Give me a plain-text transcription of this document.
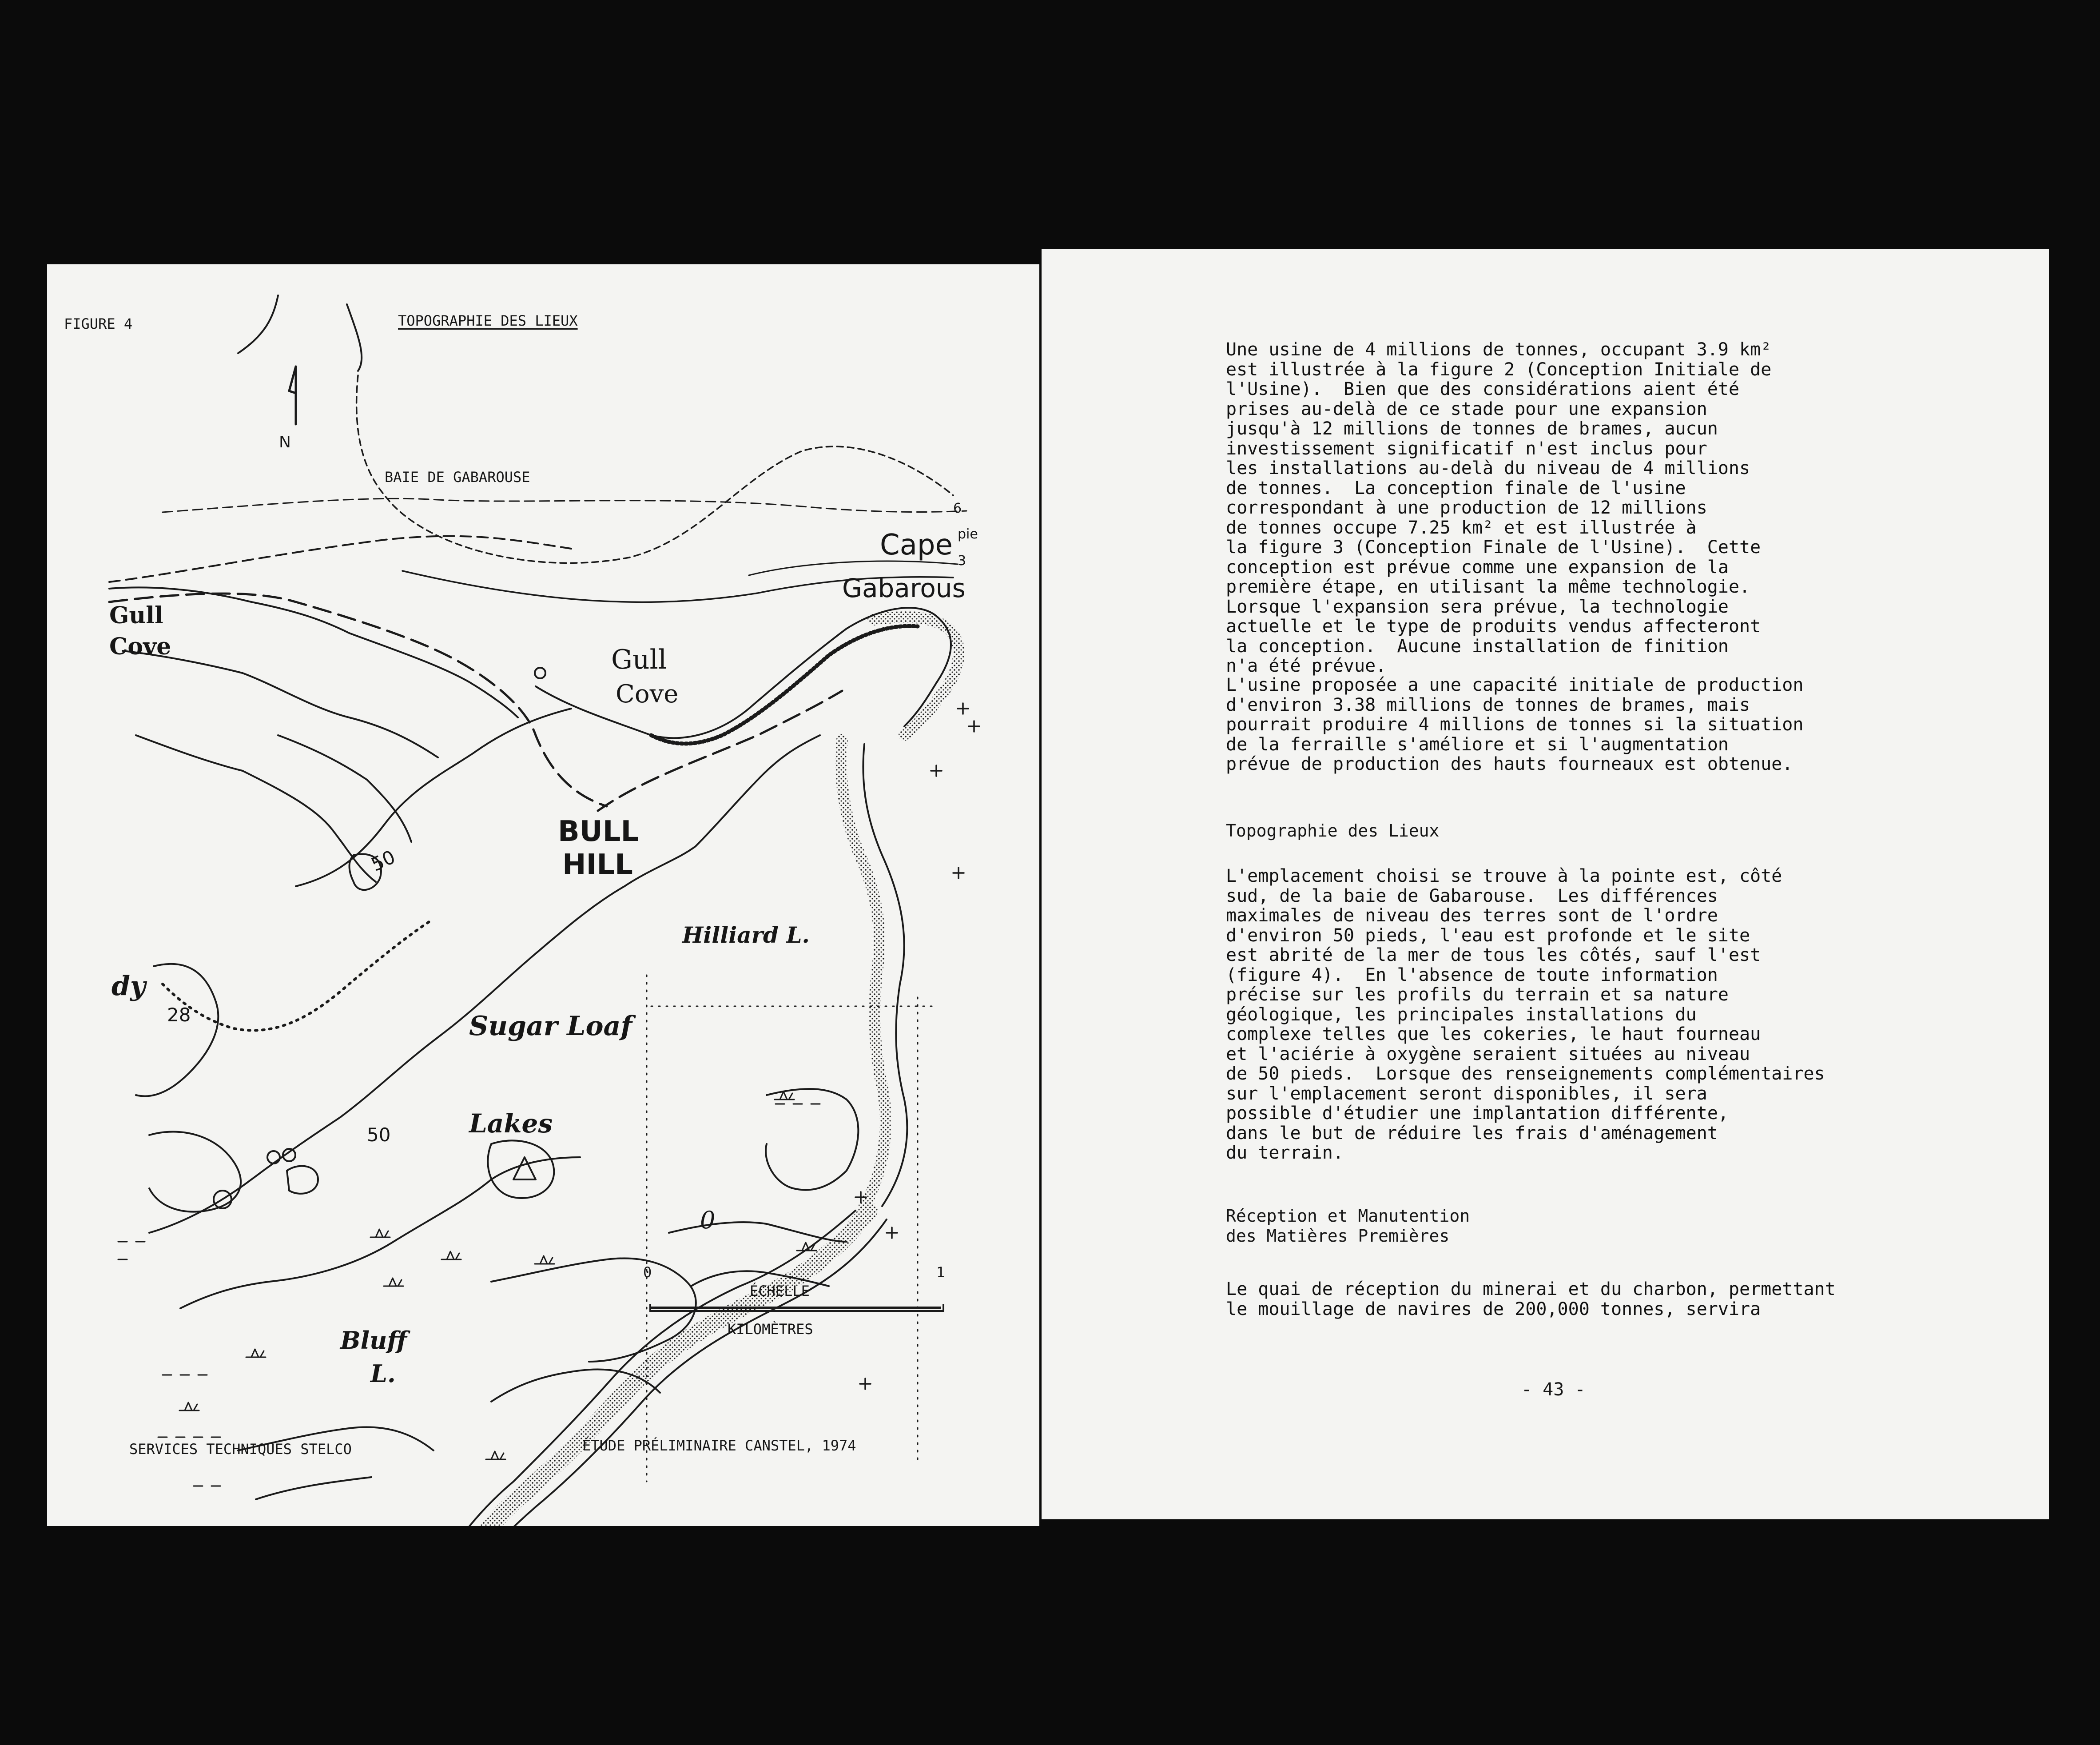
FIGURE 4	TOPOGRAPHIE DES LIEUX
N
BAIE DE GABAROUSE
Cape
Gabarous
Gull
Cove	Gull
Cove
BULL
HILL
Hilliard L.
Sugar Loaf
Lakes
Bluff
L.
dy
50
50
28
6
pie
3
0
0	1
ÉCHELLE
KILOMÈTRES
SERVICES TECHNIQUES STELCO	ÉTUDE PRÉLIMINAIRE CANSTEL, 1974
Une usine de 4 millions de tonnes, occupant 3.9 km²
est illustrée à la figure 2 (Conception Initiale de
l'Usine).  Bien que des considérations aient été
prises au-delà de ce stade pour une expansion
jusqu'à 12 millions de tonnes de brames, aucun
investissement significatif n'est inclus pour
les installations au-delà du niveau de 4 millions
de tonnes.  La conception finale de l'usine
correspondant à une production de 12 millions
de tonnes occupe 7.25 km² et est illustrée à
la figure 3 (Conception Finale de l'Usine).  Cette
conception est prévue comme une expansion de la
première étape, en utilisant la même technologie.
Lorsque l'expansion sera prévue, la technologie
actuelle et le type de produits vendus affecteront
la conception.  Aucune installation de finition
n'a été prévue.
L'usine proposée a une capacité initiale de production
d'environ 3.38 millions de tonnes de brames, mais
pourrait produire 4 millions de tonnes si la situation
de la ferraille s'améliore et si l'augmentation
prévue de production des hauts fourneaux est obtenue.
Topographie des Lieux
L'emplacement choisi se trouve à la pointe est, côté
sud, de la baie de Gabarouse.  Les différences
maximales de niveau des terres sont de l'ordre
d'environ 50 pieds, l'eau est profonde et le site
est abrité de la mer de tous les côtés, sauf l'est
(figure 4).  En l'absence de toute information
précise sur les profils du terrain et sa nature
géologique, les principales installations du
complexe telles que les cokeries, le haut fourneau
et l'aciérie à oxygène seraient situées au niveau
de 50 pieds.  Lorsque des renseignements complémentaires
sur l'emplacement seront disponibles, il sera
possible d'étudier une implantation différente,
dans le but de réduire les frais d'aménagement
du terrain.
Réception et Manutention
des Matières Premières
Le quai de réception du minerai et du charbon, permettant
le mouillage de navires de 200,000 tonnes, servira
- 43 -
